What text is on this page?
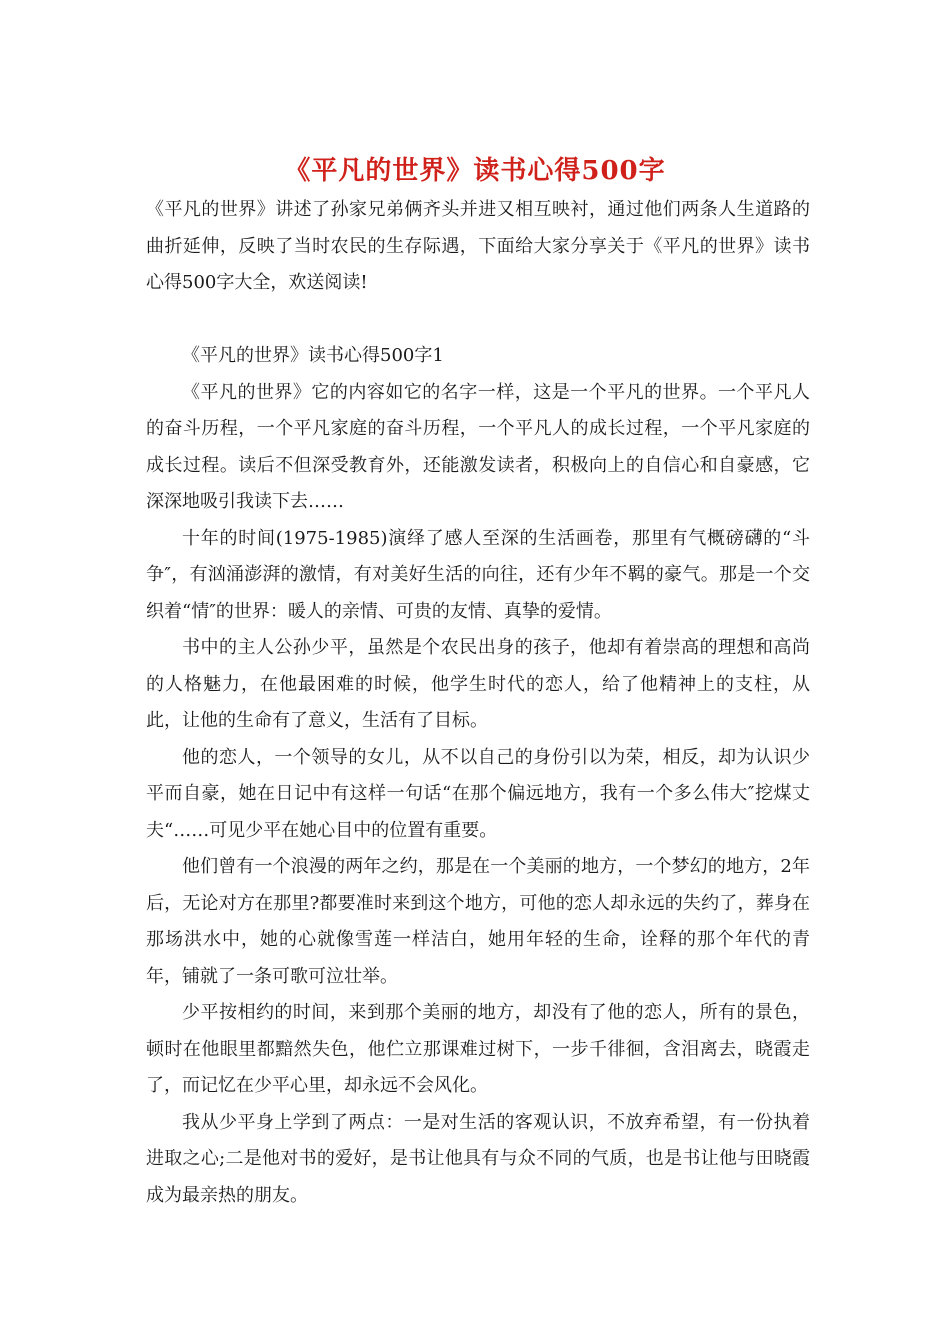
《平凡的世界》读书心得500字

《平凡的世界》讲述了孙家兄弟俩齐头并进又相互映衬，通过他们两条人生道路的曲折延伸，反映了当时农民的生存际遇，下面给大家分享关于《平凡的世界》读书心得500字大全，欢送阅读!

《平凡的世界》读书心得500字1

《平凡的世界》它的内容如它的名字一样，这是一个平凡的世界。一个平凡人的奋斗历程，一个平凡家庭的奋斗历程，一个平凡人的成长过程，一个平凡家庭的成长过程。读后不但深受教育外，还能激发读者，积极向上的自信心和自豪感，它深深地吸引我读下去……

十年的时间(1975-1985)演绎了感人至深的生活画卷，那里有气概磅礴的“斗争″，有汹涌澎湃的激情，有对美好生活的向往，还有少年不羁的豪气。那是一个交织着“情″的世界：暖人的亲情、可贵的友情、真挚的爱情。

书中的主人公孙少平，虽然是个农民出身的孩子，他却有着崇高的理想和高尚的人格魅力，在他最困难的时候，他学生时代的恋人，给了他精神上的支柱，从此，让他的生命有了意义，生活有了目标。

他的恋人，一个领导的女儿，从不以自己的身份引以为荣，相反，却为认识少平而自豪，她在日记中有这样一句话“在那个偏远地方，我有一个多么伟大″挖煤丈夫“……可见少平在她心目中的位置有重要。

他们曾有一个浪漫的两年之约，那是在一个美丽的地方，一个梦幻的地方，2年后，无论对方在那里?都要准时来到这个地方，可他的恋人却永远的失约了，葬身在那场洪水中，她的心就像雪莲一样洁白，她用年轻的生命，诠释的那个年代的青年，铺就了一条可歌可泣壮举。

少平按相约的时间，来到那个美丽的地方，却没有了他的恋人，所有的景色，顿时在他眼里都黯然失色，他伫立那课难过树下，一步千徘徊，含泪离去，晓霞走了，而记忆在少平心里，却永远不会风化。

我从少平身上学到了两点：一是对生活的客观认识，不放弃希望，有一份执着进取之心;二是他对书的爱好，是书让他具有与众不同的气质，也是书让他与田晓霞成为最亲热的朋友。
